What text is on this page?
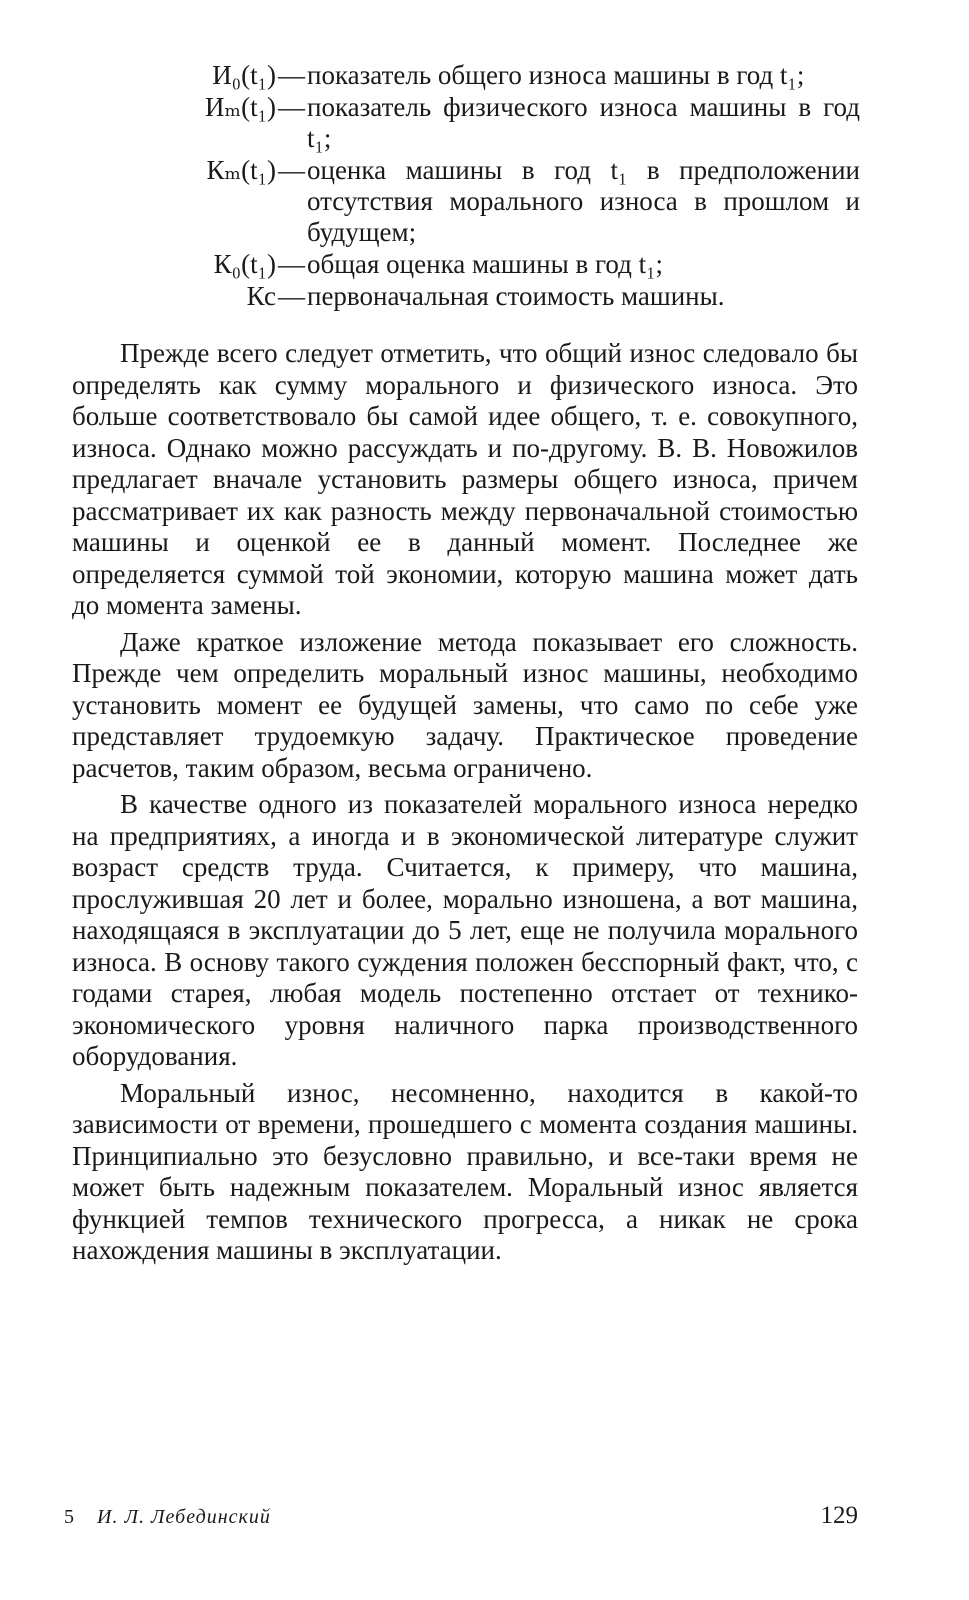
И₀(t₁) — показатель общего износа машины в год t₁;
Иₘ(t₁) — показатель физического износа машины в год t₁;
Кₘ(t₁) — оценка машины в год t₁ в предположении отсутствия морального износа в прошлом и будущем;
К₀(t₁) — общая оценка машины в год t₁;
Кс — первоначальная стоимость машины.

Прежде всего следует отметить, что общий износ следовало бы определять как сумму морального и физического износа. Это больше соответствовало бы самой идее общего, т. е. совокупного, износа. Однако можно рассуждать и по-другому. В. В. Новожилов предлагает вначале установить размеры общего износа, причем рассматривает их как разность между первоначальной стоимостью машины и оценкой ее в данный момент. Последнее же определяется суммой той экономии, которую машина может дать до момента замены.

Даже краткое изложение метода показывает его сложность. Прежде чем определить моральный износ машины, необходимо установить момент ее будущей замены, что само по себе уже представляет трудоемкую задачу. Практическое проведение расчетов, таким образом, весьма ограничено.

В качестве одного из показателей морального износа нередко на предприятиях, а иногда и в экономической литературе служит возраст средств труда. Считается, к примеру, что машина, прослужившая 20 лет и более, морально изношена, а вот машина, находящаяся в эксплуатации до 5 лет, еще не получила морального износа. В основу такого суждения положен бесспорный факт, что, с годами старея, любая модель постепенно отстает от технико-экономического уровня наличного парка производственного оборудования.

Моральный износ, несомненно, находится в какой-то зависимости от времени, прошедшего с момента создания машины. Принципиально это безусловно правильно, и все-таки время не может быть надежным показателем. Моральный износ является функцией темпов технического прогресса, а никак не срока нахождения машины в эксплуатации.

5 И. Л. Лебединский	129
